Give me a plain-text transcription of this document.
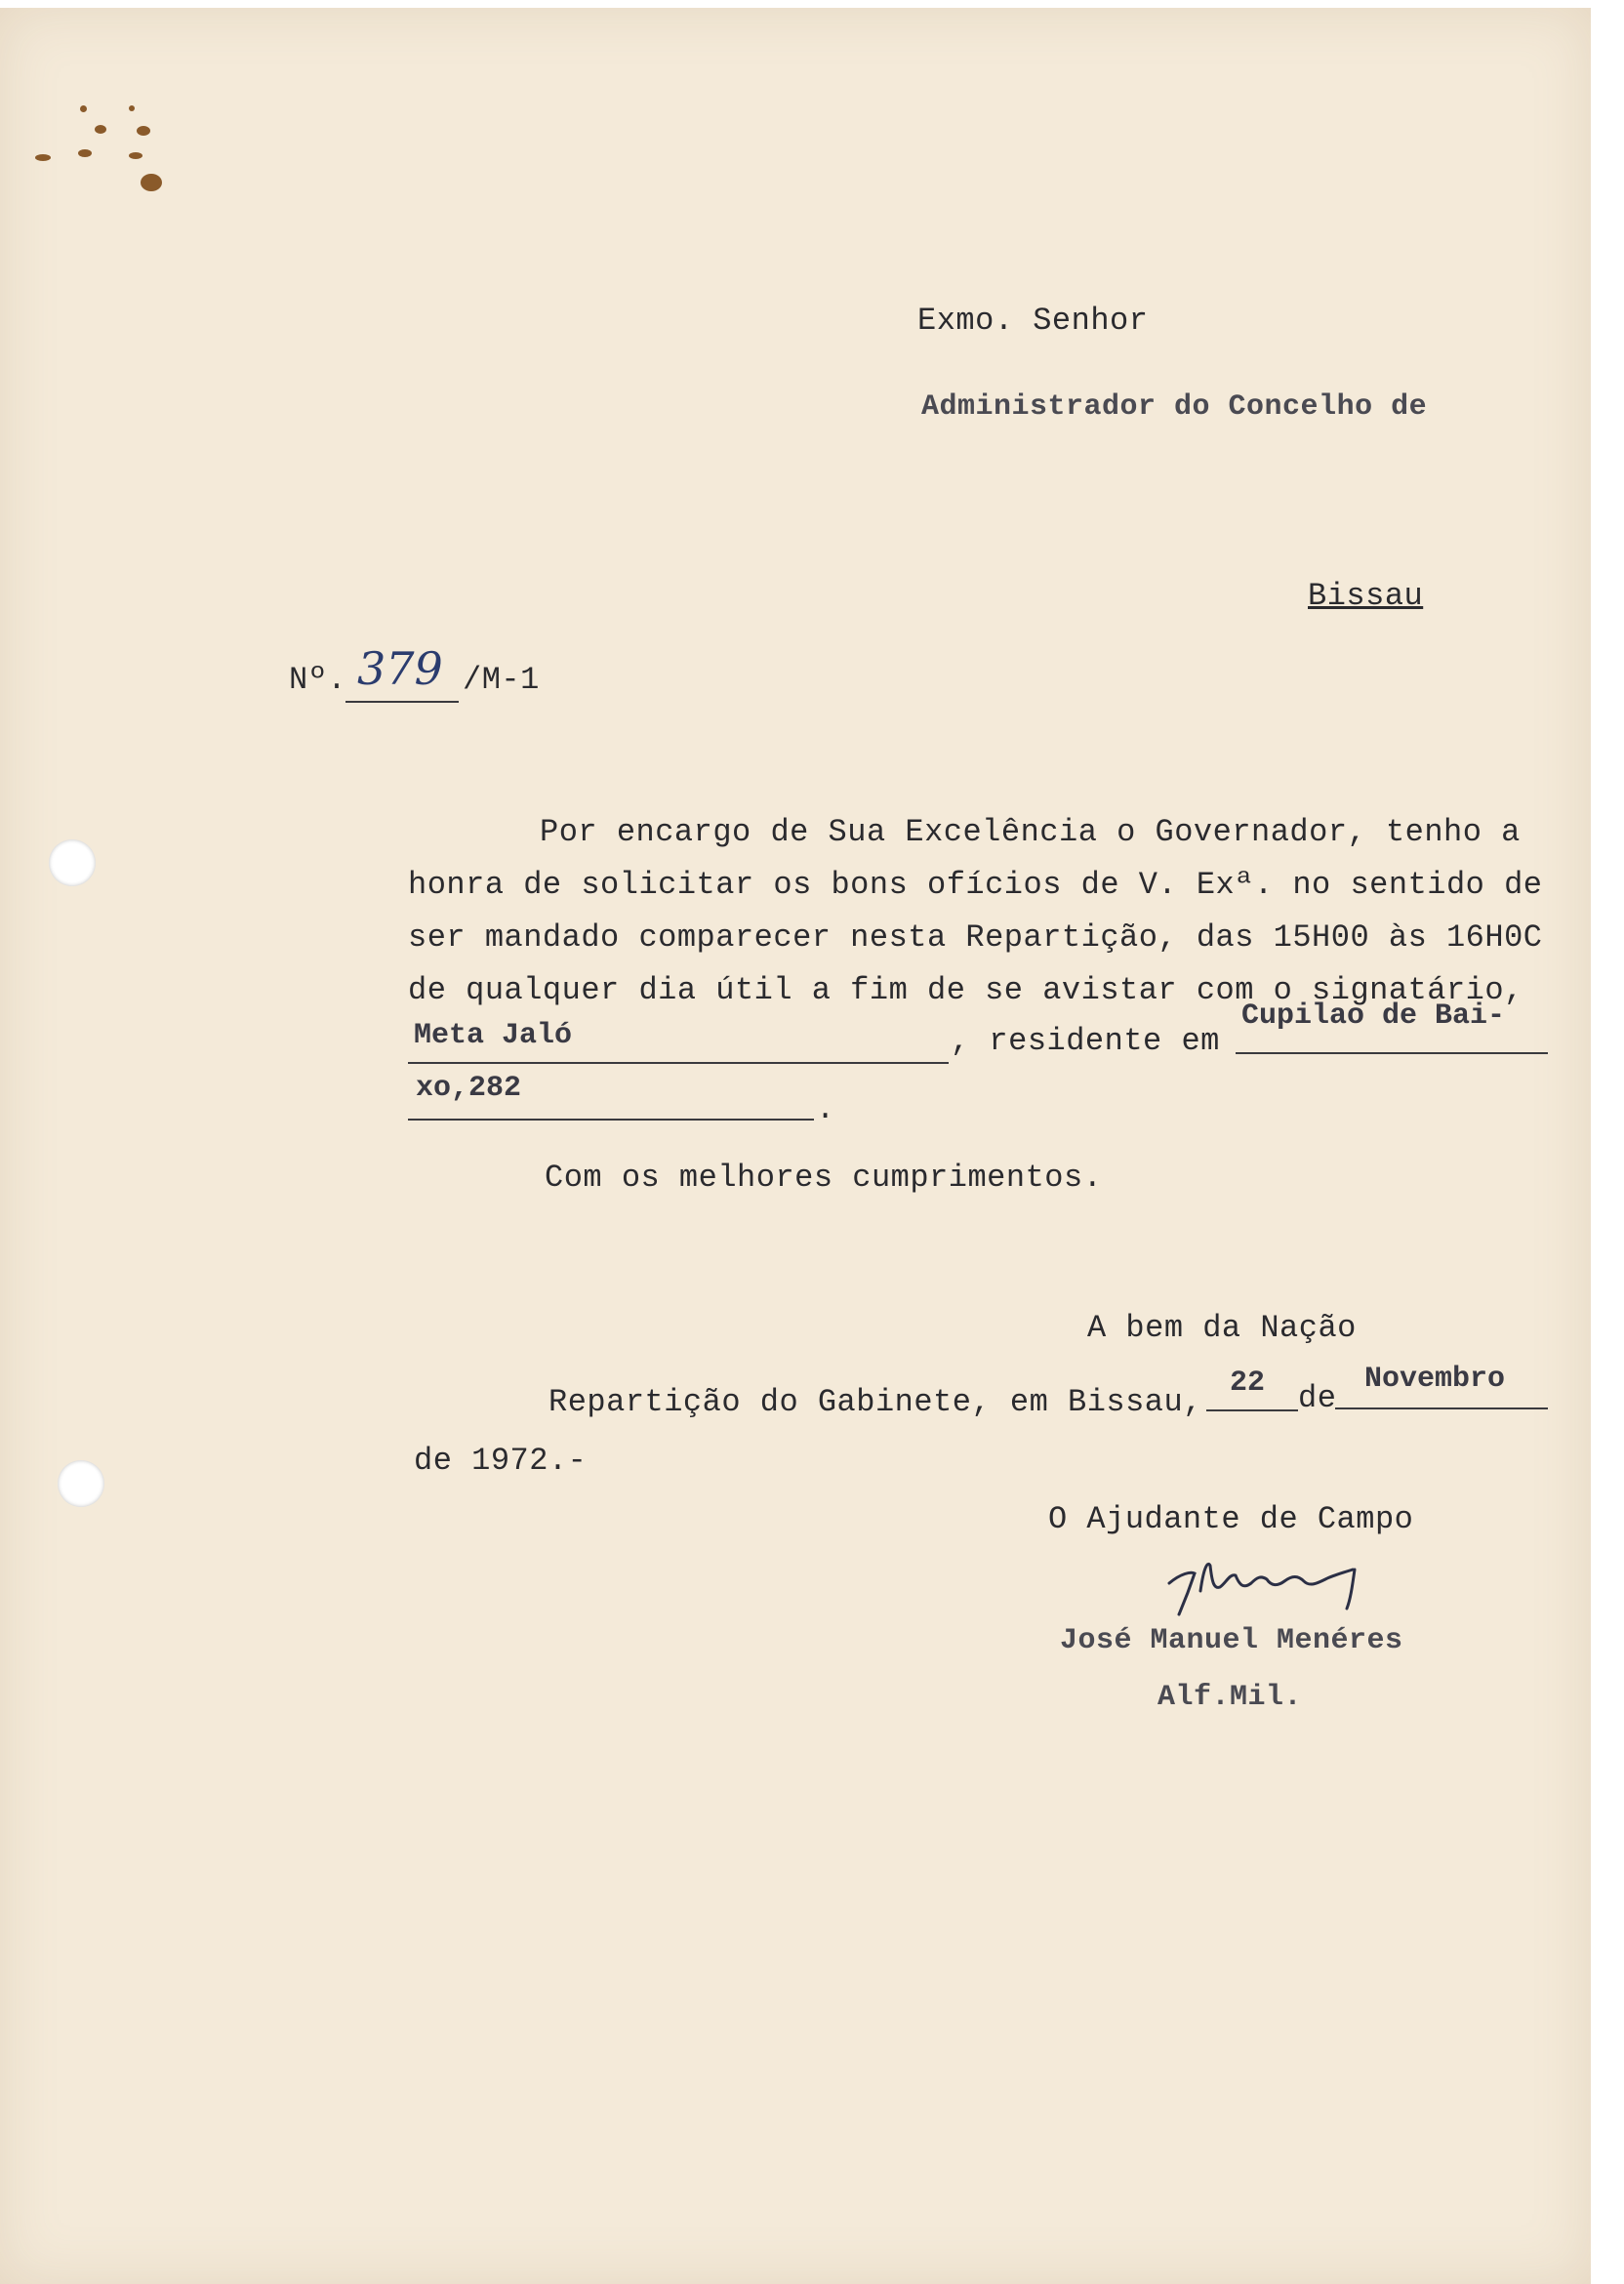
Exmo. Senhor
Administrador do Concelho de
Bissau
Nº. 379 /M-1
Por encargo de Sua Excelência o Governador, tenho a
honra de solicitar os bons ofícios de V. Exª. no sentido de
ser mandado comparecer nesta Repartição, das 15H00 às 16H0C
de qualquer dia útil a fim de se avistar com o signatário,
Meta Jaló	, residente em
Cupilao de Bai-
xo,282
.
Com os melhores cumprimentos.
A bem da Nação
Repartição do Gabinete, em Bissau,
22 de
Novembro
de 1972.-
O Ajudante de Campo
José Manuel Menéres
Alf.Mil.
